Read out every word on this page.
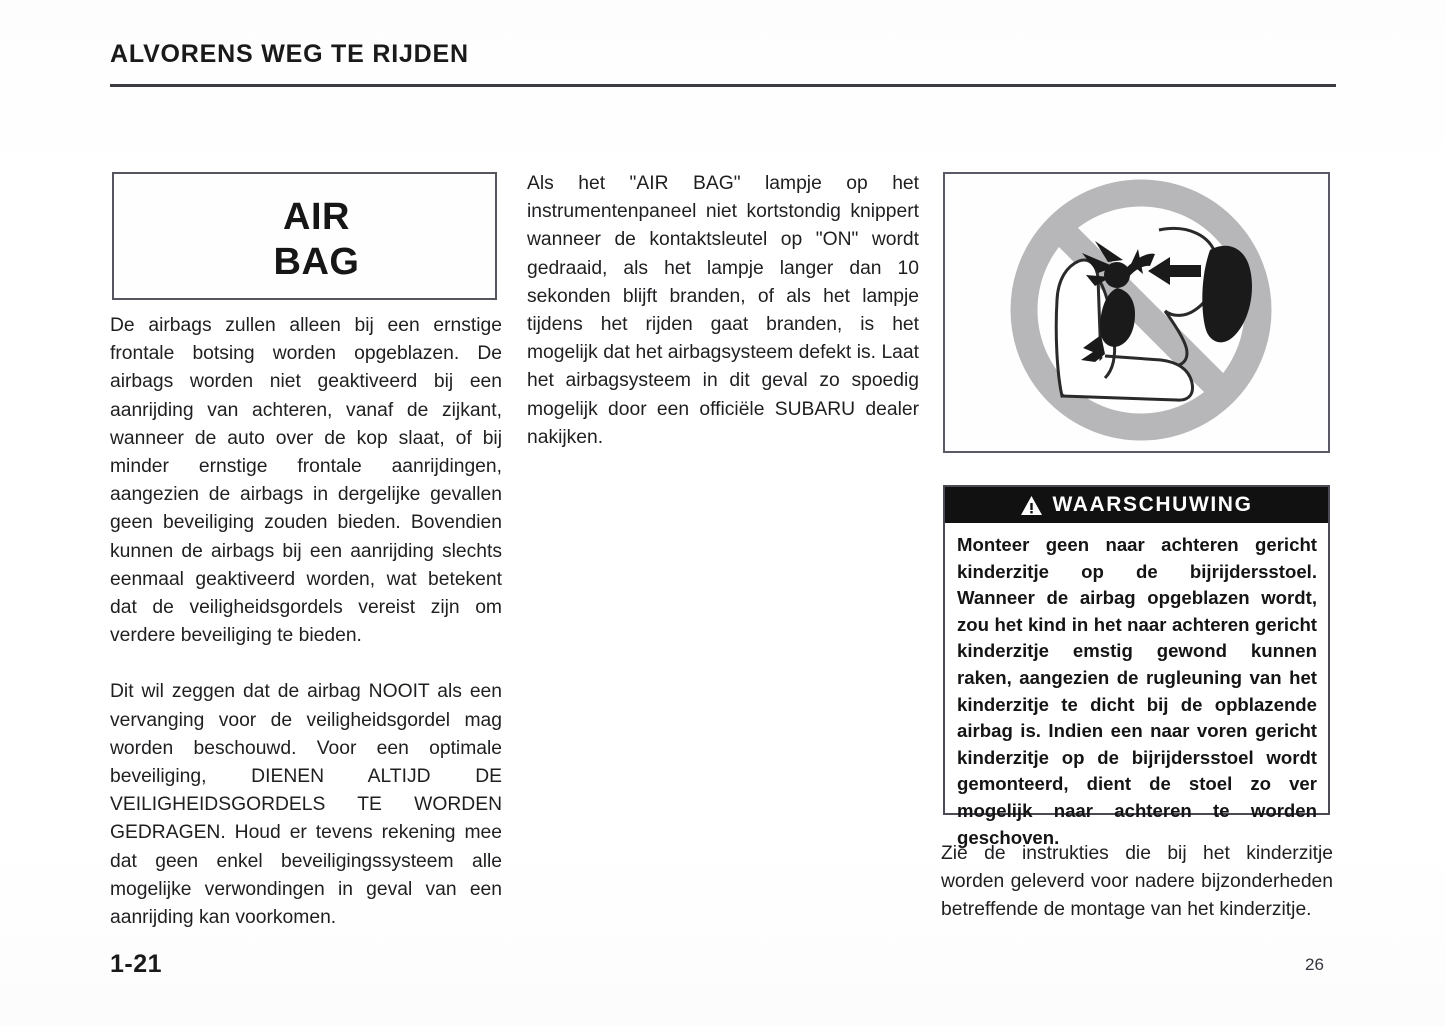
ALVORENS WEG TE RIJDEN
AIR
BAG

De airbags zullen alleen bij een ernstige frontale botsing worden opgeblazen. De airbags worden niet geaktiveerd bij een aanrijding van achteren, vanaf de zijkant, wanneer de auto over de kop slaat, of bij minder ernstige frontale aanrijdingen, aangezien de airbags in dergelijke gevallen geen beveiliging zouden bieden. Bovendien kunnen de airbags bij een aanrijding slechts eenmaal geaktiveerd worden, wat betekent dat de veiligheidsgordels vereist zijn om verdere beveiliging te bieden.

Dit wil zeggen dat de airbag NOOIT als een vervanging voor de veiligheidsgordel mag worden beschouwd. Voor een optimale beveiliging, DIENEN ALTIJD DE VEILIGHEIDSGORDELS TE WORDEN GEDRAGEN. Houd er tevens rekening mee dat geen enkel beveiligingssysteem alle mogelijke verwondingen in geval van een aanrijding kan voorkomen.

Als het "AIR BAG" lampje op het instrumentenpaneel niet kortstondig knippert wanneer de kontaktsleutel op "ON" wordt gedraaid, als het lampje langer dan 10 sekonden blijft branden, of als het lampje tijdens het rijden gaat branden, is het mogelijk dat het airbagsysteem defekt is. Laat het airbagsysteem in dit geval zo spoedig mogelijk door een officiële SUBARU dealer nakijken.

WAARSCHUWING
Monteer geen naar achteren gericht kinderzitje op de bijrijdersstoel. Wanneer de airbag opgeblazen wordt, zou het kind in het naar achteren gericht kinderzitje emstig gewond kunnen raken, aangezien de rugleuning van het kinderzitje te dicht bij de opblazende airbag is. Indien een naar voren gericht kinderzitje op de bijrijdersstoel wordt gemonteerd, dient de stoel zo ver mogelijk naar achteren te worden geschoven.

Zie de instrukties die bij het kinderzitje worden geleverd voor nadere bijzonderheden betreffende de montage van het kinderzitje.

1-21	26
